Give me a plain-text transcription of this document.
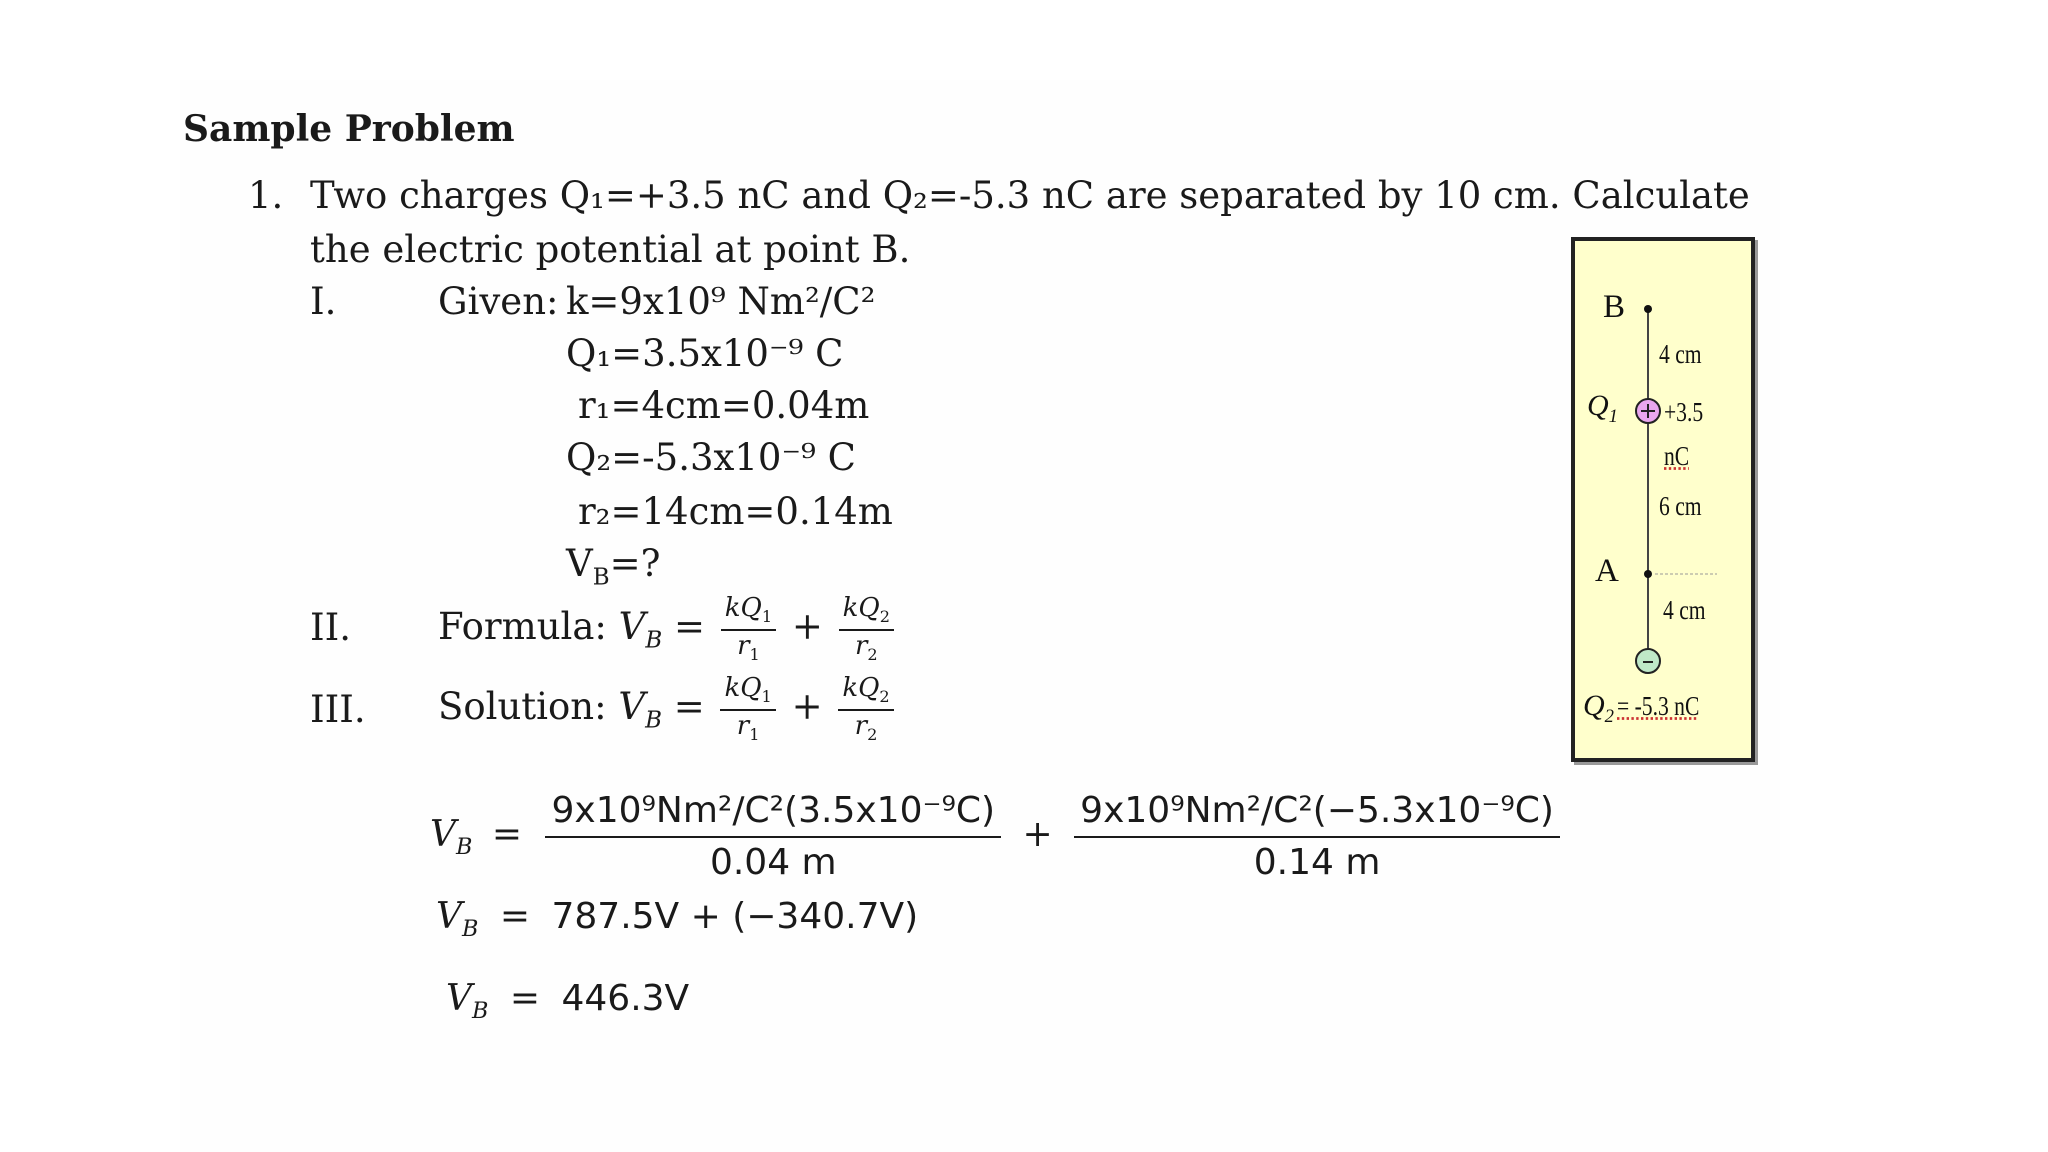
Sample Problem
1. Two charges Q₁=+3.5 nC and Q₂=-5.3 nC are separated by 10 cm. Calculate
the electric potential at point B.
I.	Given: k=9x10⁹ Nm²/C²
Q₁=3.5x10⁻⁹ C
r₁=4cm=0.04m
Q₂=-5.3x10⁻⁹ C
r₂=14cm=0.14m
$V_B=$?
II. Formula: $V_B = \frac{kQ_1}{r_1} + \frac{kQ_2}{r_2}$
III. Solution: $V_B = \frac{kQ_1}{r_1} + \frac{kQ_2}{r_2}$
$V_B = \frac{\text{9x10⁹Nm²/C²(3.5x10⁻⁹C)}}{0.04 m} + \frac{\text{9x10⁹Nm²/C²(−5.3x10⁻⁹C)}}{0.14 m}$
$V_B = 787.5V + (-340.7V)$
$V_B = 446.3V$
B
4 cm
$Q_1 +3.5$
nC
6 cm
A
4 cm
$Q_2 = -5.3$ nC
